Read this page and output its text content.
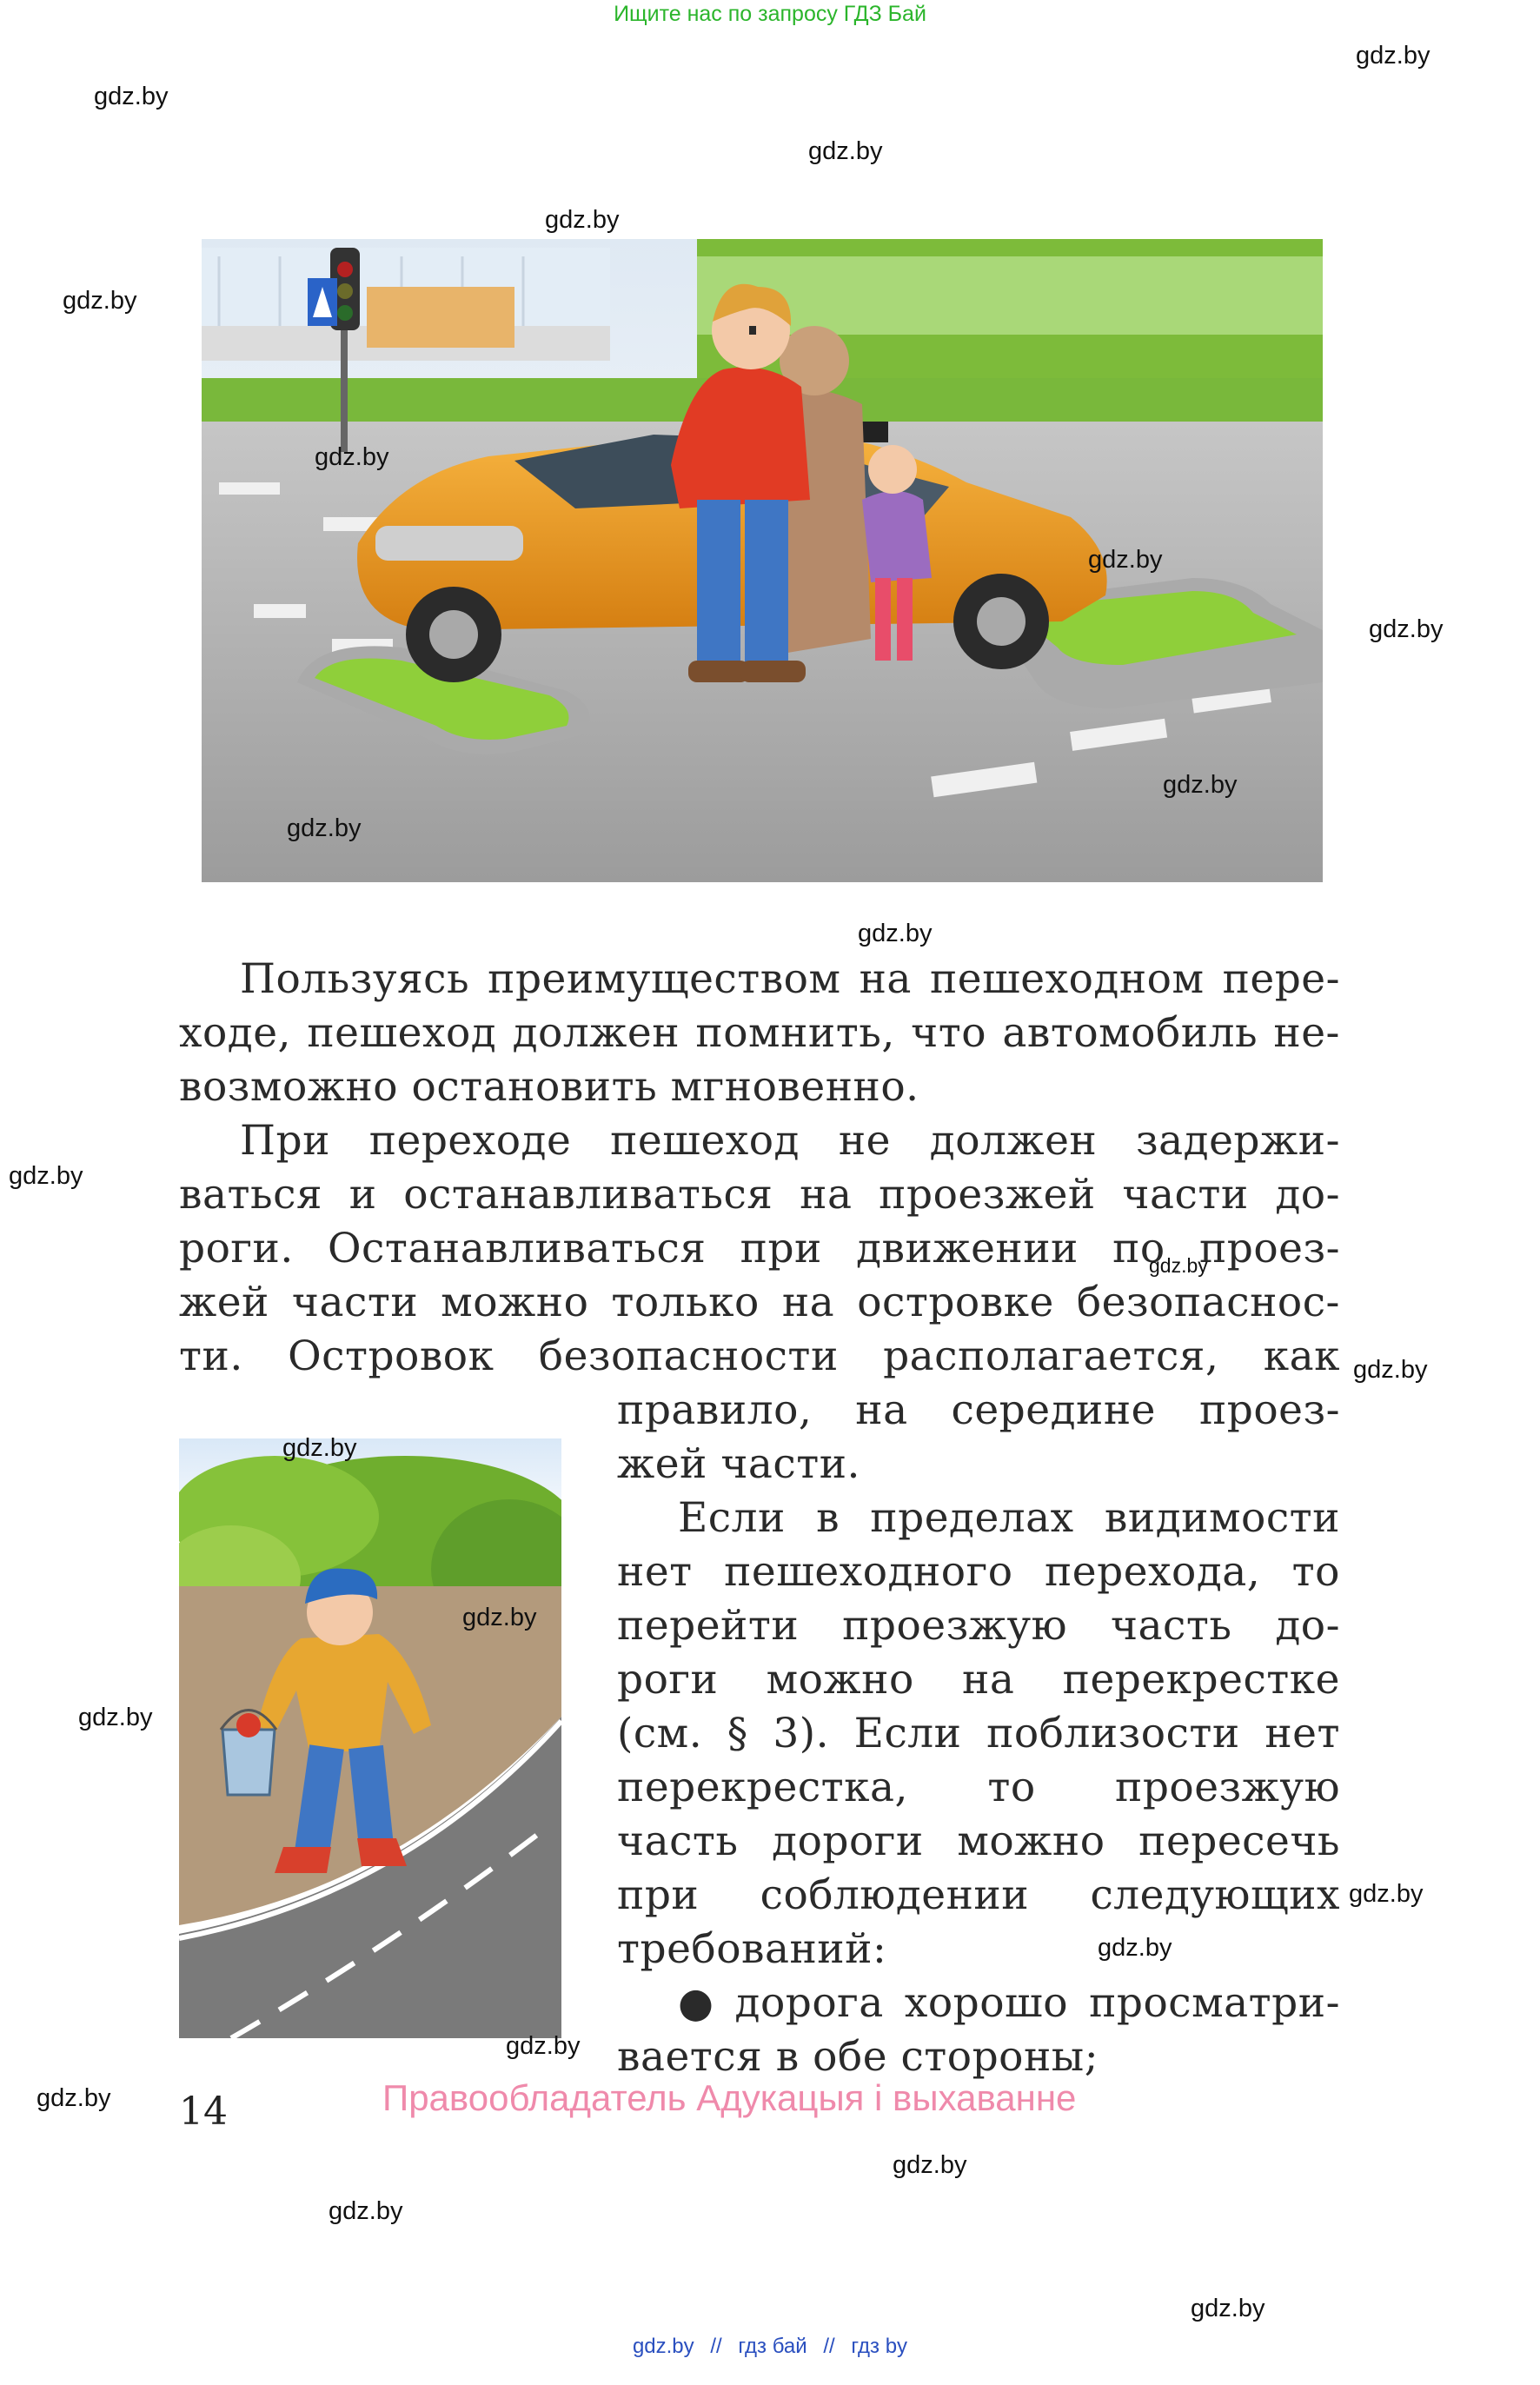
Ищите нас по запросу ГДЗ Бай
Пользуясь преимуществом на пешеходном пере-
ходе, пешеход должен помнить, что автомобиль не-
возможно остановить мгновенно.
При переходе пешеход не должен задержи-
ваться и останавливаться на проезжей части до-
роги. Останавливаться при движении по проез-
жей части можно только на островке безопаснос-
ти. Островок безопасности располагается, как
правило, на середине проез-
жей части.
Если в пределах видимости
нет пешеходного перехода, то
перейти проезжую часть до-
роги можно на перекрестке
(см. § 3). Если поблизости нет
перекрестка, то проезжую
часть дороги можно пересечь
при соблюдении следующих
требований:
● дорога хорошо просматри-
вается в обе стороны;
14	Правообладатель Адукацыя і выхаванне
gdz.by
gdz.by
gdz.by
gdz.by
gdz.by
gdz.by
gdz.by
gdz.by
gdz.by
gdz.by
gdz.by
gdz.by
gdz.by
gdz.by
gdz.by
gdz.by
gdz.by
gdz.by
gdz.by
gdz.by
gdz.by
gdz.by
gdz.by
gdz.by
gdz.by // гдз бай // гдз by
